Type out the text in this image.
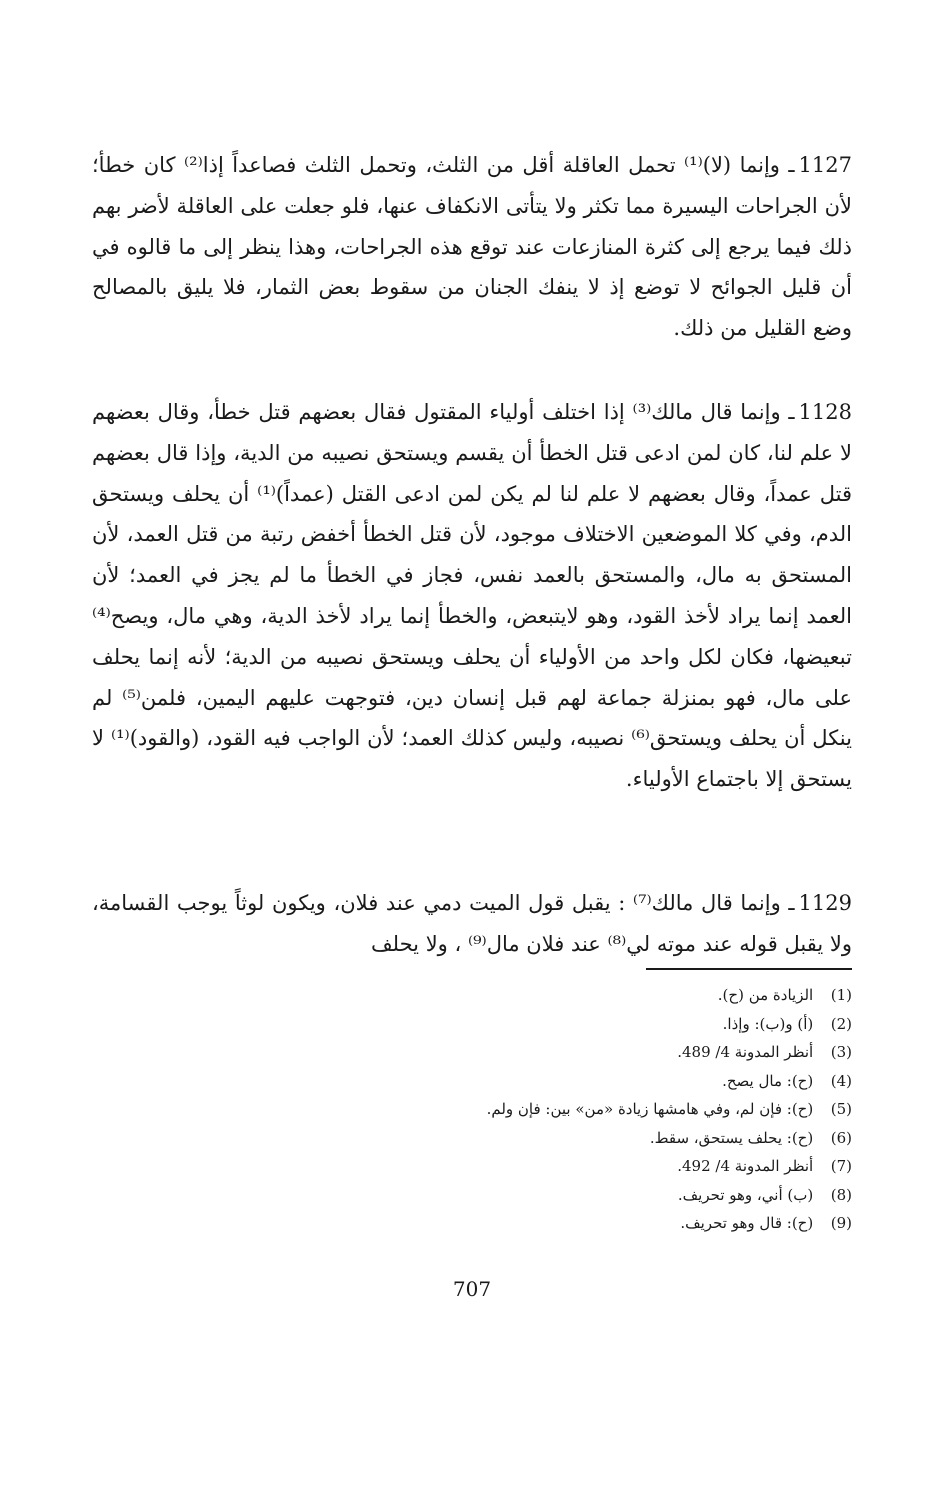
1127ـ وإنما (لا)⁽¹⁾ تحمل العاقلة أقل من الثلث، وتحمل الثلث فصاعداً إذا⁽²⁾ كان خطأ؛ لأن الجراحات اليسيرة مما تكثر ولا يتأتى الانكفاف عنها، فلو جعلت على العاقلة لأضر بهم ذلك فيما يرجع إلى كثرة المنازعات عند توقع هذه الجراحات، وهذا ينظر إلى ما قالوه في أن قليل الجوائح لا توضع إذ لا ينفك الجنان من سقوط بعض الثمار، فلا يليق بالمصالح وضع القليل من ذلك.
1128ـ وإنما قال مالك⁽³⁾ إذا اختلف أولياء المقتول فقال بعضهم قتل خطأ، وقال بعضهم لا علم لنا، كان لمن ادعى قتل الخطأ أن يقسم ويستحق نصيبه من الدية، وإذا قال بعضهم قتل عمداً، وقال بعضهم لا علم لنا لم يكن لمن ادعى القتل (عمداً)⁽¹⁾ أن يحلف ويستحق الدم، وفي كلا الموضعين الاختلاف موجود، لأن قتل الخطأ أخفض رتبة من قتل العمد، لأن المستحق به مال، والمستحق بالعمد نفس، فجاز في الخطأ ما لم يجز في العمد؛ لأن العمد إنما يراد لأخذ القود، وهو لايتبعض، والخطأ إنما يراد لأخذ الدية، وهي مال، ويصح⁽⁴⁾ تبعيضها، فكان لكل واحد من الأولياء أن يحلف ويستحق نصيبه من الدية؛ لأنه إنما يحلف على مال، فهو بمنزلة جماعة لهم قبل إنسان دين، فتوجهت عليهم اليمين، فلمن⁽⁵⁾ لم ينكل أن يحلف ويستحق⁽⁶⁾ نصيبه، وليس كذلك العمد؛ لأن الواجب فيه القود، (والقود)⁽¹⁾ لا يستحق إلا باجتماع الأولياء.
1129ـ وإنما قال مالك⁽⁷⁾ : يقبل قول الميت دمي عند فلان، ويكون لوثاً يوجب القسامة، ولا يقبل قوله عند موته لي⁽⁸⁾ عند فلان مال⁽⁹⁾ ، ولا يحلف
(1) الزيادة من (ح).
(2) (أ) و(ب): وإذا.
(3) أنظر المدونة 4/ 489.
(4) (ح): مال يصح.
(5) (ح): فإن لم، وفي هامشها زيادة «من» بين: فإن ولم.
(6) (ح): يحلف يستحق، سقط.
(7) أنظر المدونة 4/ 492.
(8) (ب) أني، وهو تحريف.
(9) (ح): قال وهو تحريف.
707
